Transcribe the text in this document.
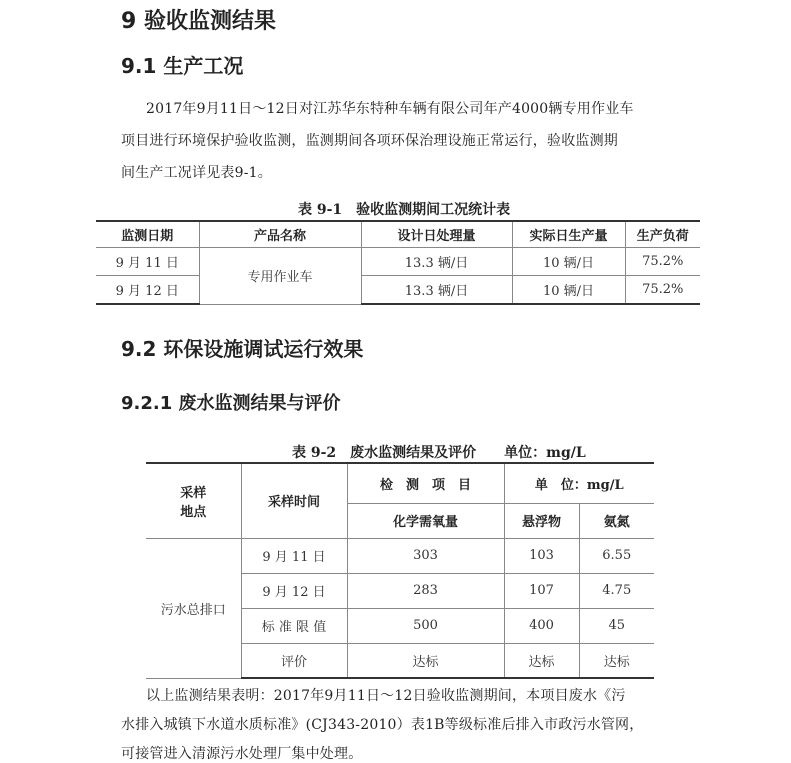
9 验收监测结果
9.1 生产工况
2017年9月11日～12日对江苏华东特种车辆有限公司年产4000辆专用作业车
项目进行环境保护验收监测，监测期间各项环保治理设施正常运行，验收监测期
间生产工况详见表9-1。
表 9-1　验收监测期间工况统计表
监测日期	产品名称	设计日处理量	实际日生产量	生产负荷
9 月 11 日	专用作业车	13.3 辆/日	10 辆/日	75.2%
9 月 12 日		13.3 辆/日	10 辆/日	75.2%
9.2 环保设施调试运行效果
9.2.1 废水监测结果与评价
表 9-2　废水监测结果及评价　　单位：mg/L
采样
地点	采样时间	检　测　项　目	单　位：mg/L	
		化学需氧量	悬浮物	氨氮
污水总排口	9 月 11 日	303	103	6.55
	9 月 12 日	283	107	4.75
	标 准 限 值	500	400	45
	评价	达标	达标	达标
以上监测结果表明：2017年9月11日～12日验收监测期间，本项目废水《污
水排入城镇下水道水质标准》(CJ343-2010）表1B等级标准后排入市政污水管网，
可接管进入清源污水处理厂集中处理。
